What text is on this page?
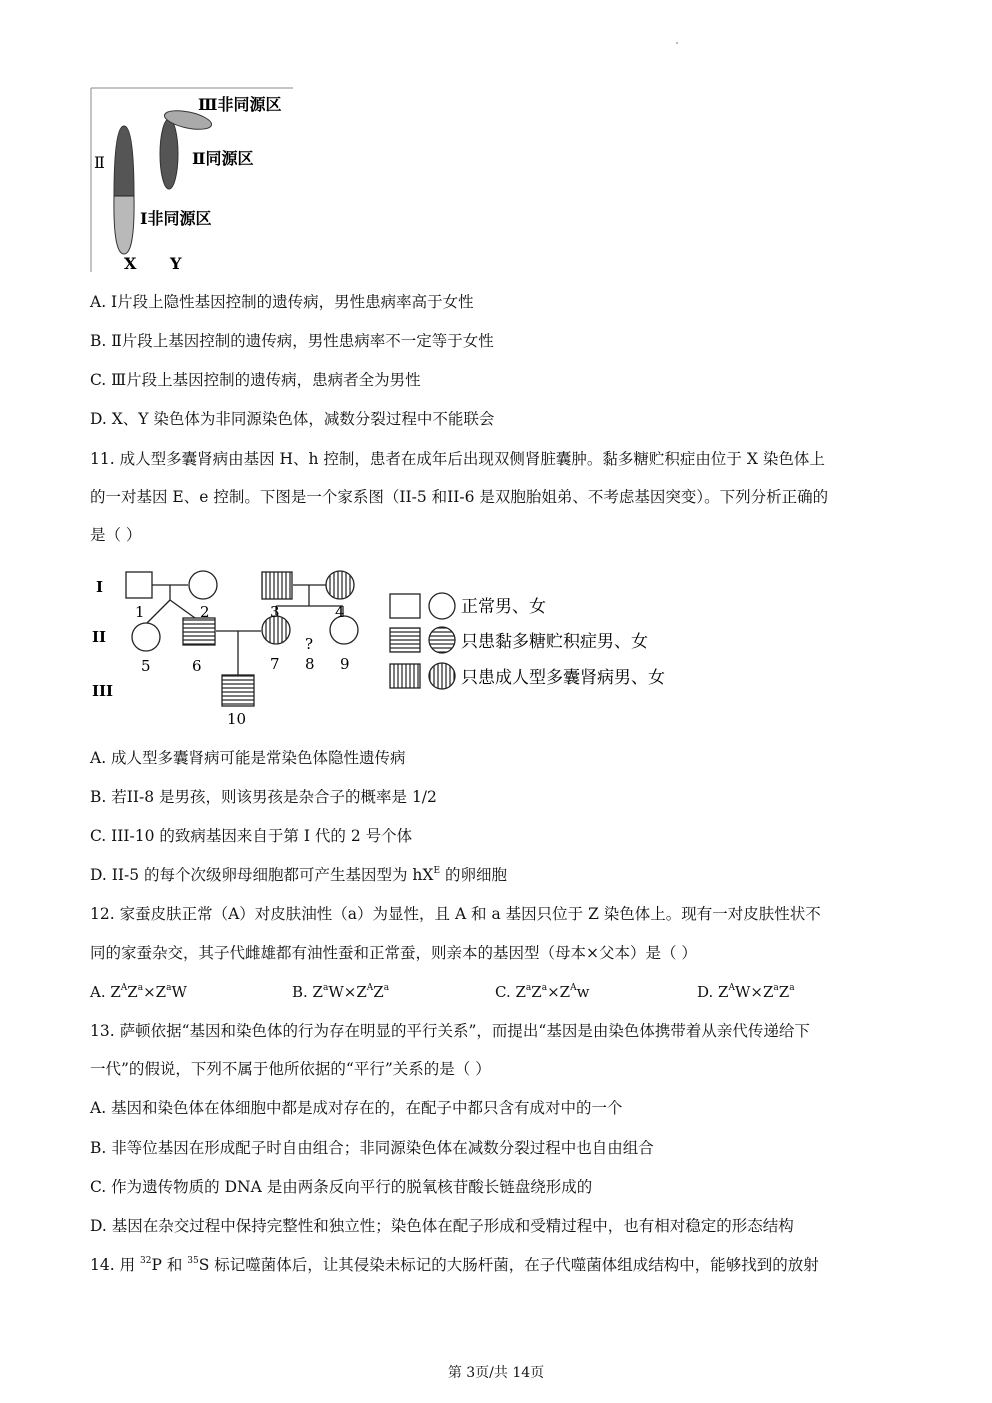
Ⅲ非同源区
Ⅱ同源区
Ⅰ非同源区
Ⅱ
X Y
A. Ⅰ片段上隐性基因控制的遗传病，男性患病率高于女性
B. Ⅱ片段上基因控制的遗传病，男性患病率不一定等于女性
C. Ⅲ片段上基因控制的遗传病，患病者全为男性
D. X、Y 染色体为非同源染色体，减数分裂过程中不能联会
11. 成人型多囊肾病由基因 H、h 控制，患者在成年后出现双侧肾脏囊肿。黏多糖贮积症由位于 X 染色体上
的一对基因 E、e 控制。下图是一个家系图（II-5 和II-6 是双胞胎姐弟、不考虑基因突变）。下列分析正确的
是（ ）
I
II
III
1	2	3	4
5	6	7
?
8 9
10
正常男、女
只患黏多糖贮积症男、女
只患成人型多囊肾病男、女
A. 成人型多囊肾病可能是常染色体隐性遗传病
B. 若II-8 是男孩，则该男孩是杂合子的概率是 1/2
C. III-10 的致病基因来自于第 I 代的 2 号个体
D. II-5 的每个次级卵母细胞都可产生基因型为 $hX^E$ 的卵细胞
12. 家蚕皮肤正常（A）对皮肤油性（a）为显性，且 A 和 a 基因只位于 Z 染色体上。现有一对皮肤性状不
同的家蚕杂交，其子代雌雄都有油性蚕和正常蚕，则亲本的基因型（母本×父本）是（ ）
A. $Z^AZ^a\times Z^aW$	B. $Z^aW\times Z^AZ^a$	C. $Z^aZ^a\times Z^Aw$	D. $Z^AW\times Z^aZ^a$
13. 萨顿依据“基因和染色体的行为存在明显的平行关系”，而提出“基因是由染色体携带着从亲代传递给下
一代”的假说，下列不属于他所依据的“平行”关系的是（ ）
A. 基因和染色体在体细胞中都是成对存在的，在配子中都只含有成对中的一个
B. 非等位基因在形成配子时自由组合；非同源染色体在减数分裂过程中也自由组合
C. 作为遗传物质的 DNA 是由两条反向平行的脱氧核苷酸长链盘绕形成的
D. 基因在杂交过程中保持完整性和独立性；染色体在配子形成和受精过程中，也有相对稳定的形态结构
14. 用 $^{32}$P 和 $^{35}$S 标记噬菌体后，让其侵染未标记的大肠杆菌，在子代噬菌体组成结构中，能够找到的放射
第 3页/共 14页
